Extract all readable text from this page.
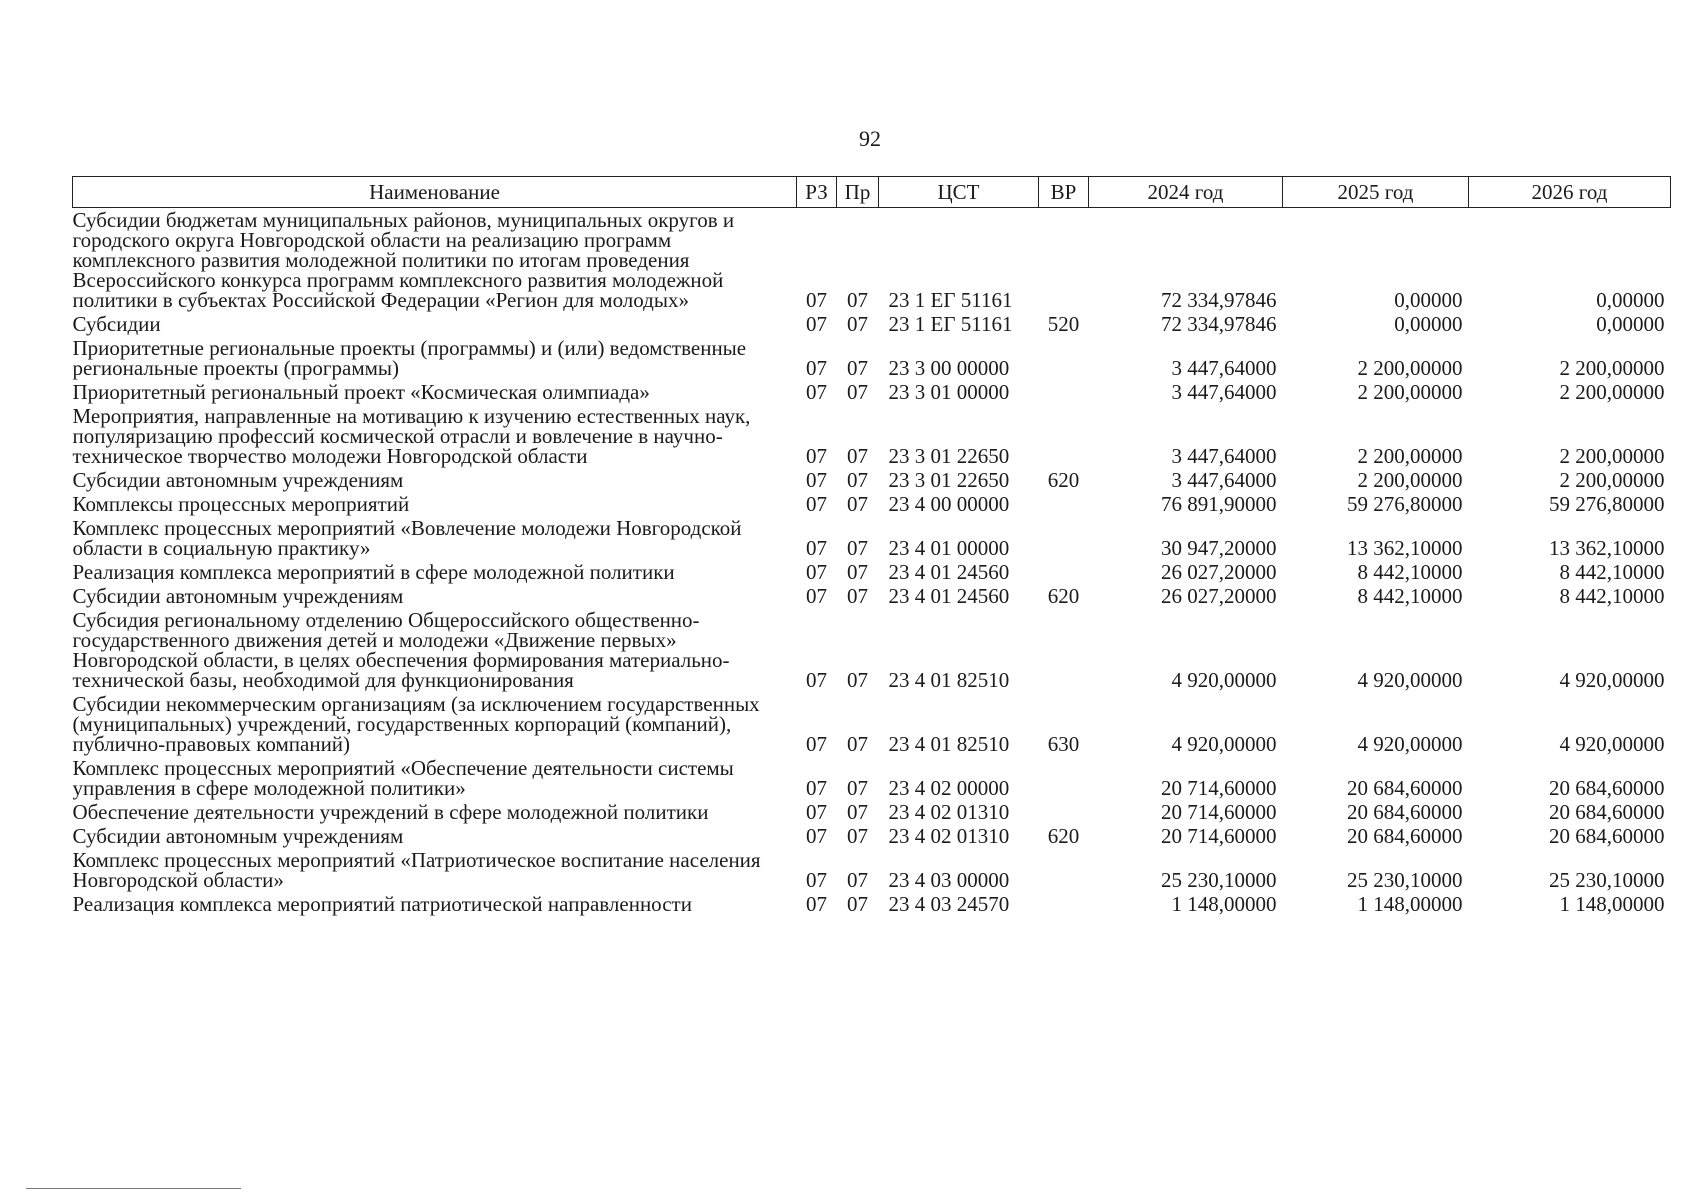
92
Наименование	РЗ	Пр	ЦСТ	ВР	2024 год	2025 год	2026 год
Субсидии бюджетам муниципальных районов, муниципальных округов и городского округа Новгородской области на реализацию программ комплексного развития молодежной политики по итогам проведения Всероссийского конкурса программ комплексного развития молодежной политики в субъектах Российской Федерации «Регион для молодых»	07	07	23 1 ЕГ 51161		72 334,97846	0,00000	0,00000
Субсидии	07	07	23 1 ЕГ 51161	520	72 334,97846	0,00000	0,00000
Приоритетные региональные проекты (программы) и (или) ведомственные региональные проекты (программы)	07	07	23 3 00 00000		3 447,64000	2 200,00000	2 200,00000
Приоритетный региональный проект «Космическая олимпиада»	07	07	23 3 01 00000		3 447,64000	2 200,00000	2 200,00000
Мероприятия, направленные на мотивацию к изучению естественных наук, популяризацию профессий космической отрасли и вовлечение в научно-техническое творчество молодежи Новгородской области	07	07	23 3 01 22650		3 447,64000	2 200,00000	2 200,00000
Субсидии автономным учреждениям	07	07	23 3 01 22650	620	3 447,64000	2 200,00000	2 200,00000
Комплексы процессных мероприятий	07	07	23 4 00 00000		76 891,90000	59 276,80000	59 276,80000
Комплекс процессных мероприятий «Вовлечение молодежи Новгородской области в социальную практику»	07	07	23 4 01 00000		30 947,20000	13 362,10000	13 362,10000
Реализация комплекса мероприятий в сфере молодежной политики	07	07	23 4 01 24560		26 027,20000	8 442,10000	8 442,10000
Субсидии автономным учреждениям	07	07	23 4 01 24560	620	26 027,20000	8 442,10000	8 442,10000
Субсидия региональному отделению Общероссийского общественно-государственного движения детей и молодежи «Движение первых» Новгородской области, в целях обеспечения формирования материально-технической базы, необходимой для функционирования	07	07	23 4 01 82510		4 920,00000	4 920,00000	4 920,00000
Субсидии некоммерческим организациям (за исключением государственных (муниципальных) учреждений, государственных корпораций (компаний), публично-правовых компаний)	07	07	23 4 01 82510	630	4 920,00000	4 920,00000	4 920,00000
Комплекс процессных мероприятий «Обеспечение деятельности системы управления в сфере молодежной политики»	07	07	23 4 02 00000		20 714,60000	20 684,60000	20 684,60000
Обеспечение деятельности учреждений в сфере молодежной политики	07	07	23 4 02 01310		20 714,60000	20 684,60000	20 684,60000
Субсидии автономным учреждениям	07	07	23 4 02 01310	620	20 714,60000	20 684,60000	20 684,60000
Комплекс процессных мероприятий «Патриотическое воспитание населения Новгородской области»	07	07	23 4 03 00000		25 230,10000	25 230,10000	25 230,10000
Реализация комплекса мероприятий патриотической направленности	07	07	23 4 03 24570		1 148,00000	1 148,00000	1 148,00000
